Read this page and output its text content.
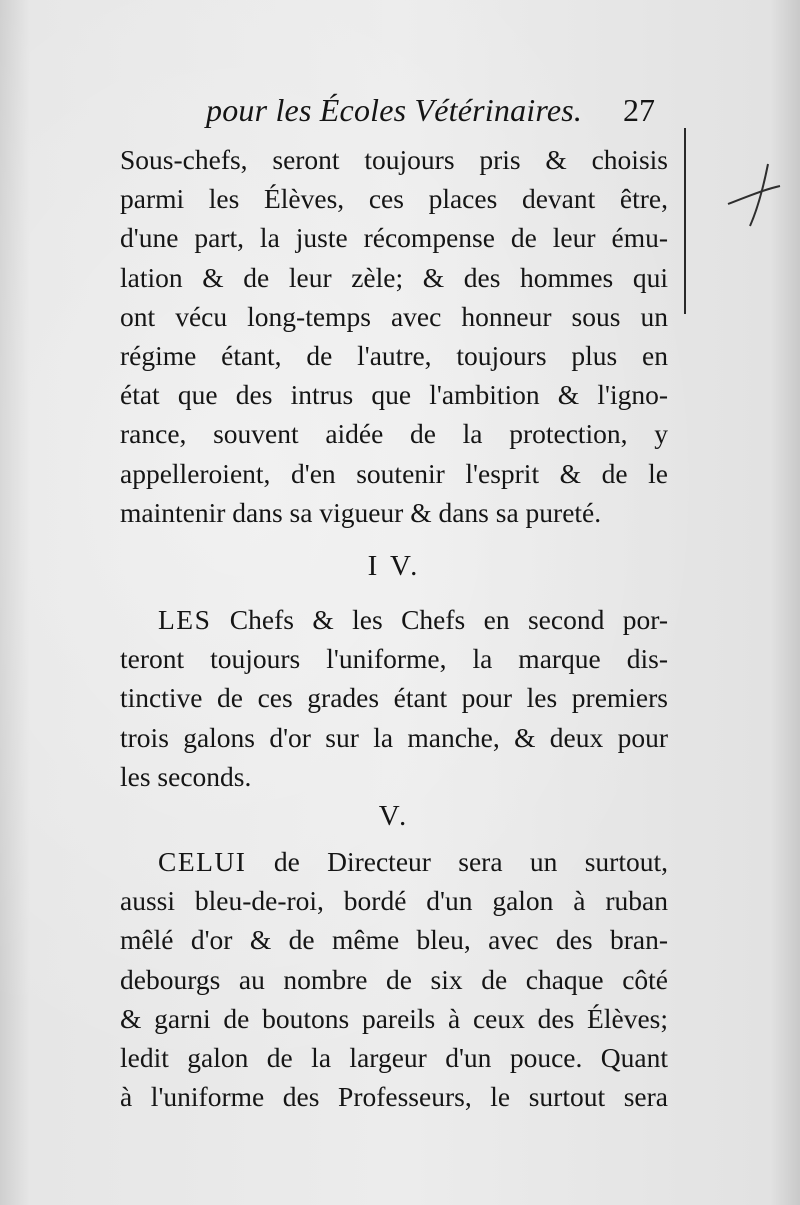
pour les Écoles Vétérinaires. 27
Sous-chefs, seront toujours pris & choisis
parmi les Élèves, ces places devant être,
d'une part, la juste récompense de leur ému-
lation & de leur zèle; & des hommes qui
ont vécu long-temps avec honneur sous un
régime étant, de l'autre, toujours plus en
état que des intrus que l'ambition & l'igno-
rance, souvent aidée de la protection, y
appelleroient, d'en soutenir l'esprit & de le
maintenir dans sa vigueur & dans sa pureté.
I V.
LES Chefs & les Chefs en second por-
teront toujours l'uniforme, la marque dis-
tinctive de ces grades étant pour les premiers
trois galons d'or sur la manche, & deux pour
les seconds.
V.
CELUI de Directeur sera un surtout,
aussi bleu-de-roi, bordé d'un galon à ruban
mêlé d'or & de même bleu, avec des bran-
debourgs au nombre de six de chaque côté
& garni de boutons pareils à ceux des Élèves;
ledit galon de la largeur d'un pouce. Quant
à l'uniforme des Professeurs, le surtout sera
